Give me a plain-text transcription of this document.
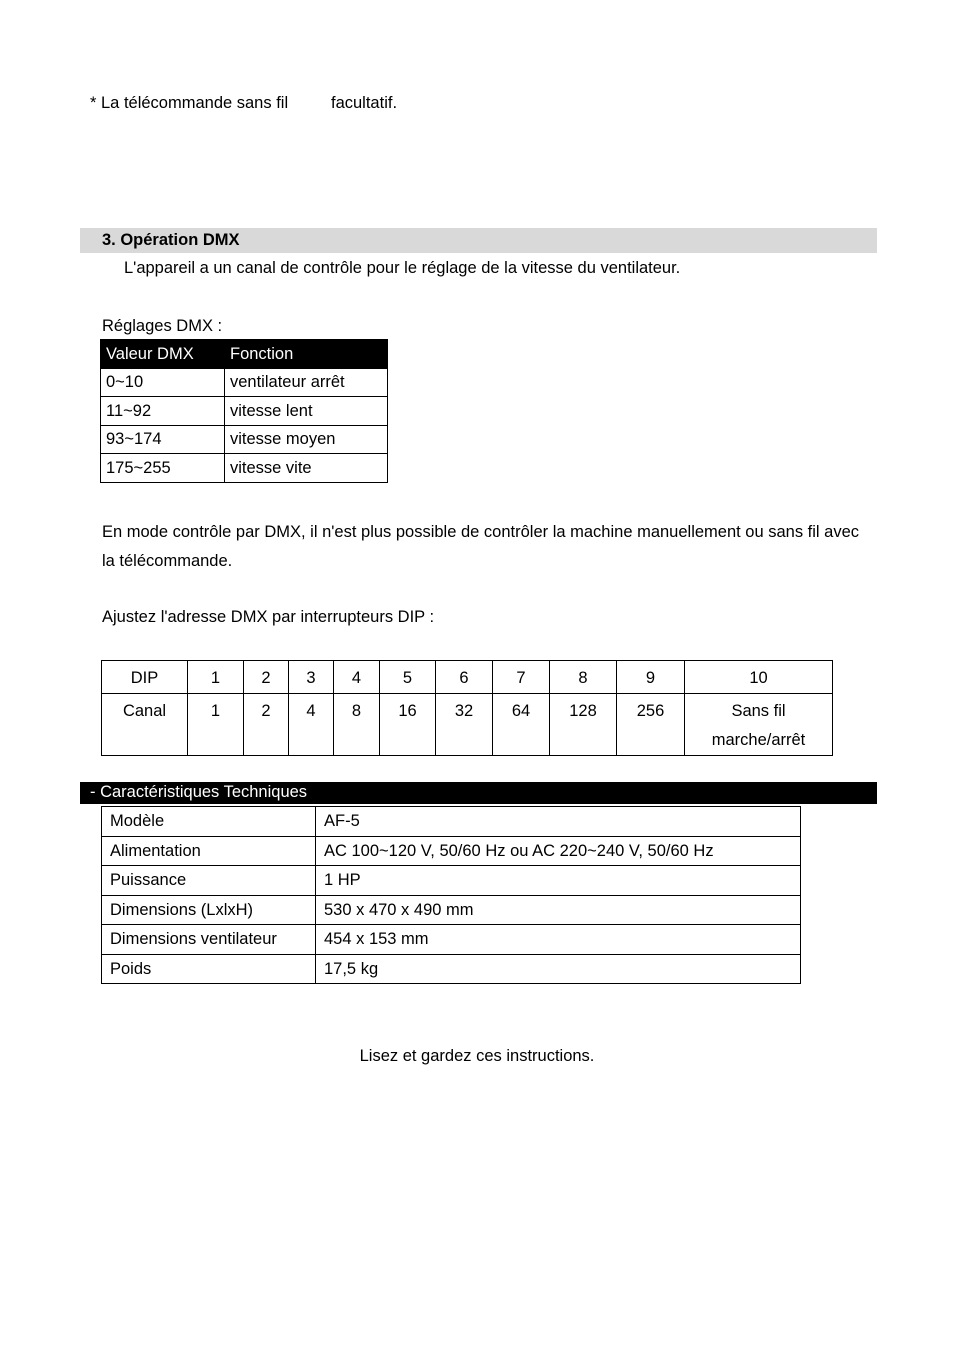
* La télécommande sans fil	facultatif.
3. Opération DMX
L'appareil a un canal de contrôle pour le réglage de la vitesse du ventilateur.
Réglages DMX :
Valeur DMX	Fonction
0~10	ventilateur arrêt
11~92	vitesse lent
93~174	vitesse moyen
175~255	vitesse vite
En mode contrôle par DMX, il n'est plus possible de contrôler la machine manuellement ou sans fil avec la télécommande.
Ajustez l'adresse DMX par interrupteurs DIP :
DIP	1	2	3	4	5	6	7	8	9	10
Canal	1	2	4	8	16	32	64	128	256	Sans fil marche/arrêt
- Caractéristiques Techniques
Modèle	AF-5
Alimentation	AC 100~120 V, 50/60 Hz ou AC 220~240 V, 50/60 Hz
Puissance	1 HP
Dimensions (LxlxH)	530 x 470 x 490 mm
Dimensions ventilateur	454 x 153 mm
Poids	17,5 kg
Lisez et gardez ces instructions.
